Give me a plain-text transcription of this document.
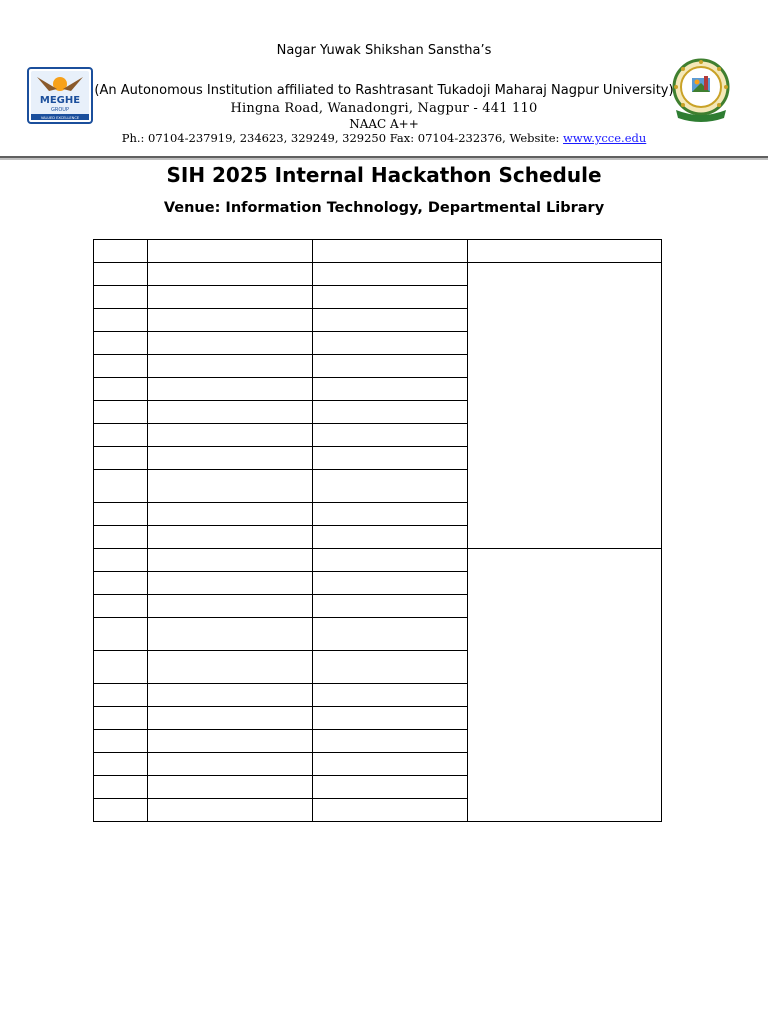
Nagar Yuwak Shikshan Sanstha’s
(An Autonomous Institution affiliated to Rashtrasant Tukadoji Maharaj Nagpur University)
Hingna Road, Wanadongri, Nagpur - 441 110
NAAC A++
Ph.: 07104-237919, 234623, 329249, 329250 Fax: 07104-232376, Website: www.ycce.edu
MEGHE
GROUP
VALUED EXCELLENCE
SIH 2025 Internal Hackathon Schedule
Venue: Information Technology, Departmental Library
